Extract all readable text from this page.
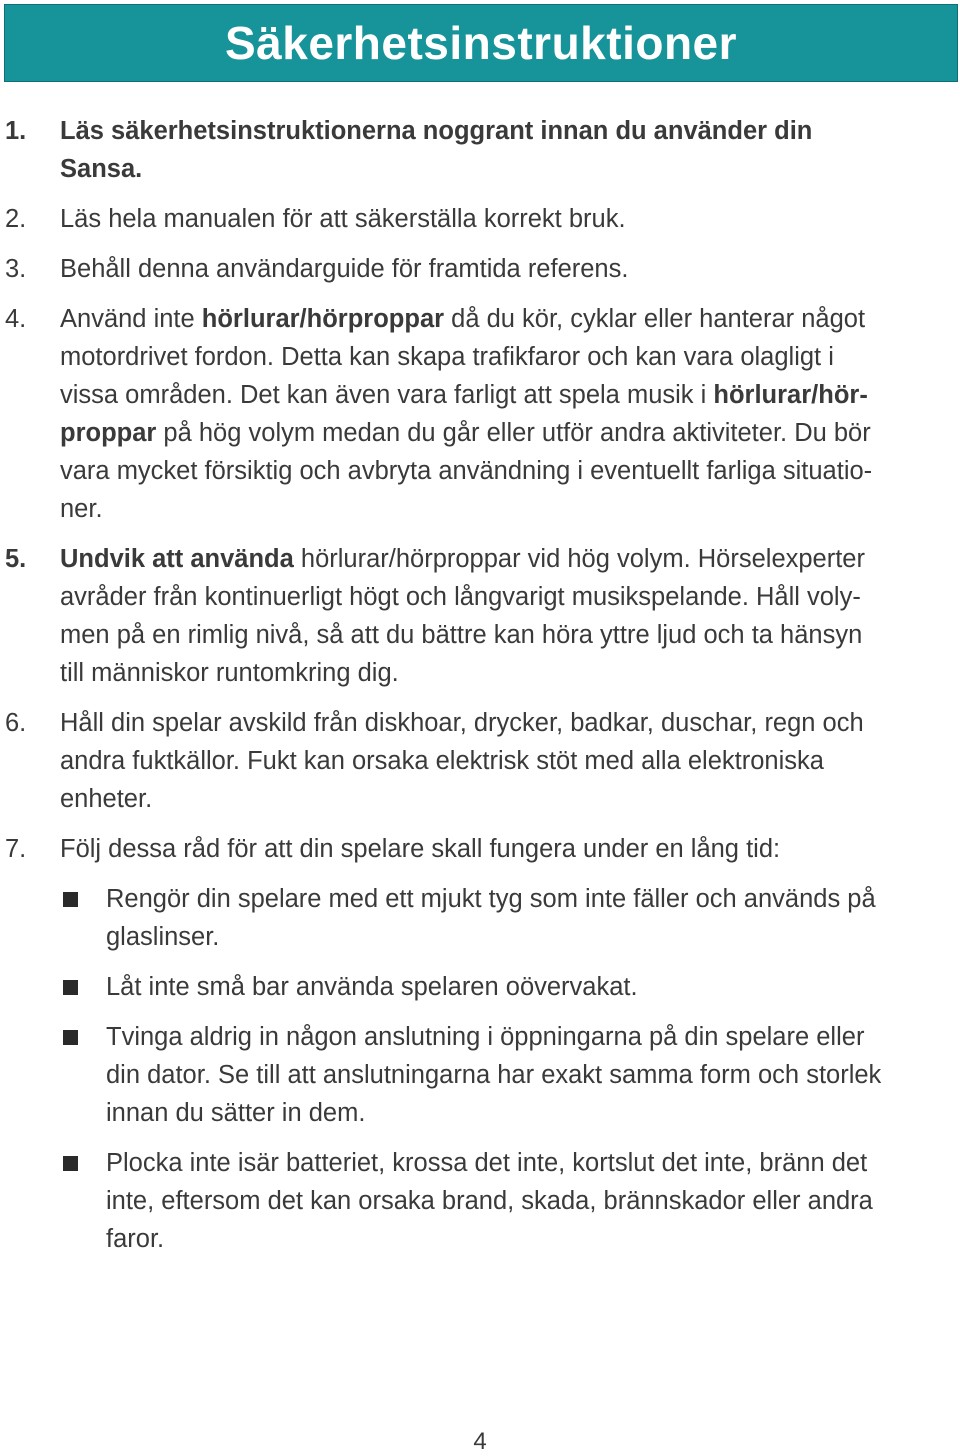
Säkerhetsinstruktioner
1. Läs säkerhetsinstruktionerna noggrant innan du använder din
Sansa.
2. Läs hela manualen för att säkerställa korrekt bruk.
3. Behåll denna användarguide för framtida referens.
4. Använd inte hörlurar/hörproppar då du kör, cyklar eller hanterar något
motordrivet fordon. Detta kan skapa trafikfaror och kan vara olagligt i
vissa områden. Det kan även vara farligt att spela musik i hörlurar/hör-
proppar på hög volym medan du går eller utför andra aktiviteter. Du bör
vara mycket försiktig och avbryta användning i eventuellt farliga situatio-
ner.
5. Undvik att använda hörlurar/hörproppar vid hög volym. Hörselexperter
avråder från kontinuerligt högt och långvarigt musikspelande. Håll voly-
men på en rimlig nivå, så att du bättre kan höra yttre ljud och ta hänsyn
till människor runtomkring dig.
6. Håll din spelar avskild från diskhoar, drycker, badkar, duschar, regn och
andra fuktkällor. Fukt kan orsaka elektrisk stöt med alla elektroniska
enheter.
7. Följ dessa råd för att din spelare skall fungera under en lång tid:
Rengör din spelare med ett mjukt tyg som inte fäller och används på
glaslinser.
Låt inte små bar använda spelaren oövervakat.
Tvinga aldrig in någon anslutning i öppningarna på din spelare eller
din dator. Se till att anslutningarna har exakt samma form och storlek
innan du sätter in dem.
Plocka inte isär batteriet, krossa det inte, kortslut det inte, bränn det
inte, eftersom det kan orsaka brand, skada, brännskador eller andra
faror.
4
